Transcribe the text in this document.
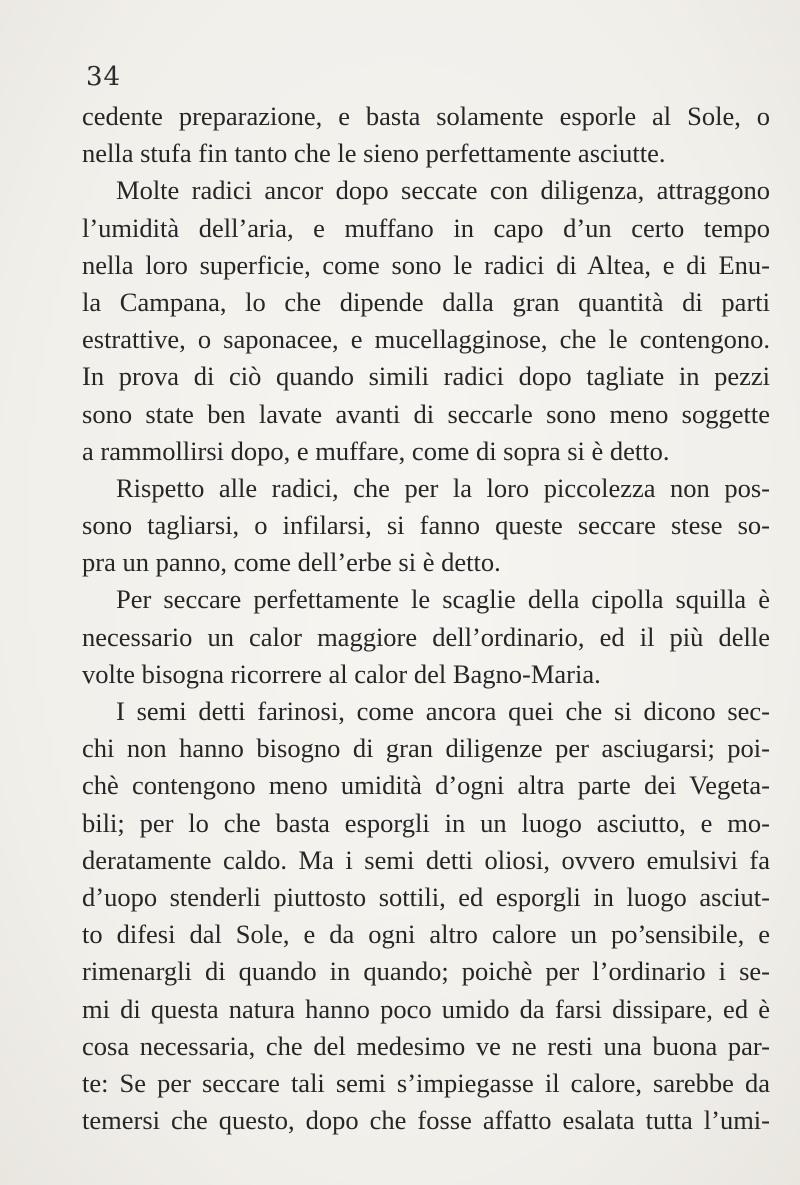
34
cedente preparazione, e basta solamente esporle al Sole, o
nella stufa fin tanto che le sieno perfettamente asciutte.
Molte radici ancor dopo seccate con diligenza, attraggono
l’umidità dell’aria, e muffano in capo d’un certo tempo
nella loro superficie, come sono le radici di Altea, e di Enu-
la Campana, lo che dipende dalla gran quantità di parti
estrattive, o saponacee, e mucellagginose, che le contengono.
In prova di ciò quando simili radici dopo tagliate in pezzi
sono state ben lavate avanti di seccarle sono meno soggette
a rammollirsi dopo, e muffare, come di sopra si è detto.
Rispetto alle radici, che per la loro piccolezza non pos-
sono tagliarsi, o infilarsi, si fanno queste seccare stese so-
pra un panno, come dell’erbe si è detto.
Per seccare perfettamente le scaglie della cipolla squilla è
necessario un calor maggiore dell’ordinario, ed il più delle
volte bisogna ricorrere al calor del Bagno-Maria.
I semi detti farinosi, come ancora quei che si dicono sec-
chi non hanno bisogno di gran diligenze per asciugarsi; poi-
chè contengono meno umidità d’ogni altra parte dei Vegeta-
bili; per lo che basta esporgli in un luogo asciutto, e mo-
deratamente caldo. Ma i semi detti oliosi, ovvero emulsivi fa
d’uopo stenderli piuttosto sottili, ed esporgli in luogo asciut-
to difesi dal Sole, e da ogni altro calore un po’sensibile, e
rimenargli di quando in quando; poichè per l’ordinario i se-
mi di questa natura hanno poco umido da farsi dissipare, ed è
cosa necessaria, che del medesimo ve ne resti una buona par-
te: Se per seccare tali semi s’impiegasse il calore, sarebbe da
temersi che questo, dopo che fosse affatto esalata tutta l’umi-
